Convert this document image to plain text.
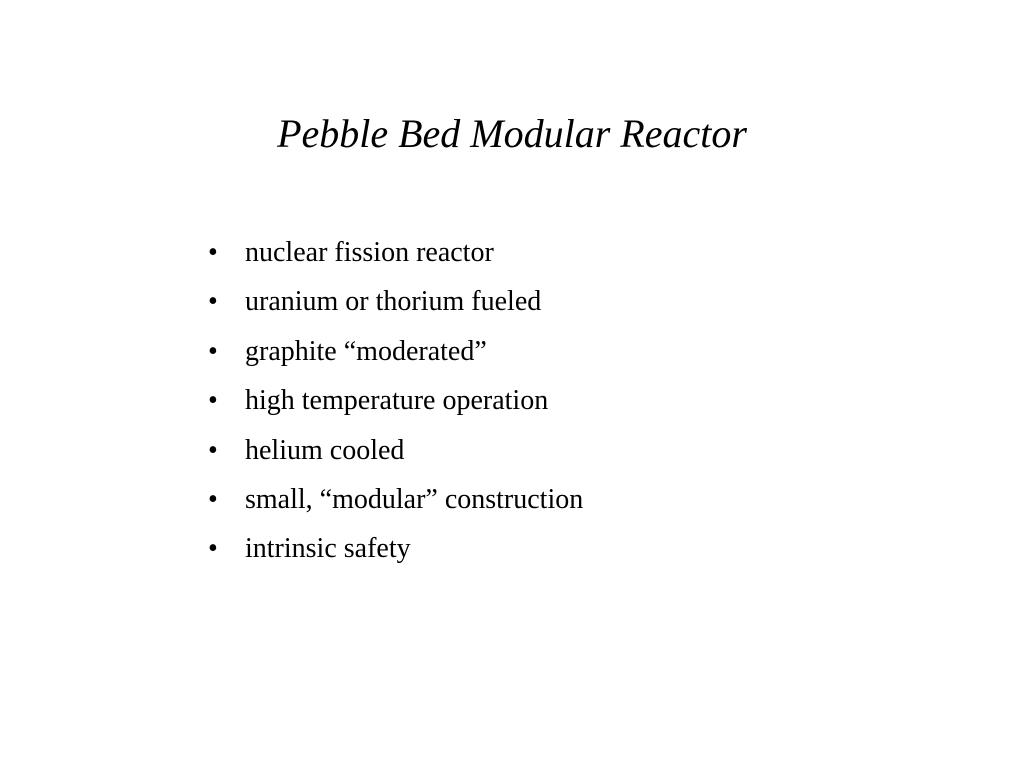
Pebble Bed Modular Reactor
• nuclear fission reactor
• uranium or thorium fueled
• graphite “moderated”
• high temperature operation
• helium cooled
• small, “modular” construction
• intrinsic safety
